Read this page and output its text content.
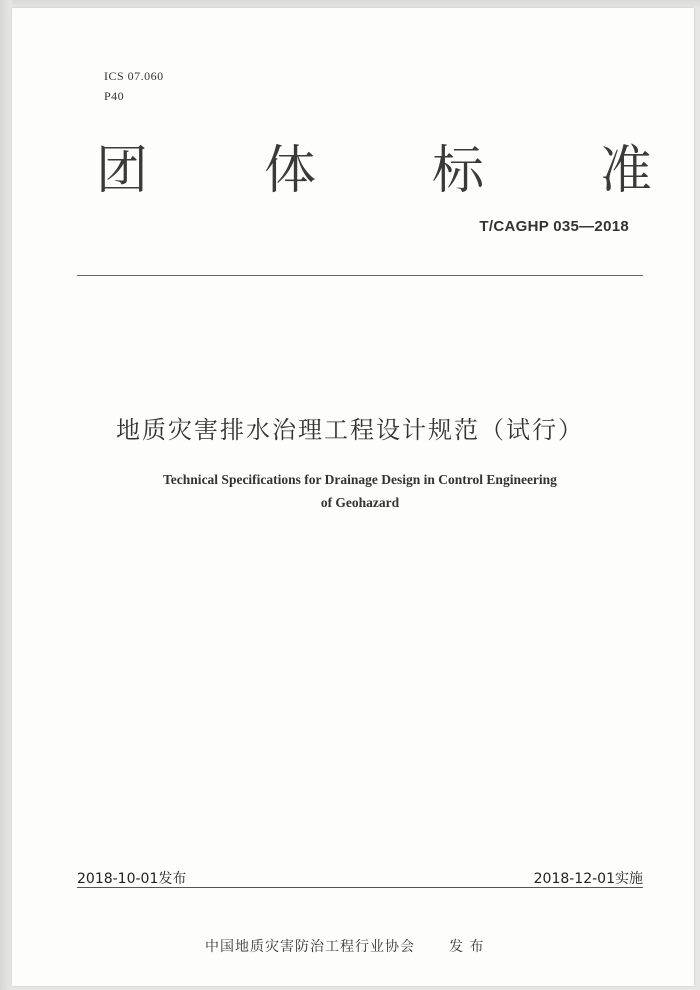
ICS 07.060
P40
团 体 标 准
T/CAGHP 035—2018
地质灾害排水治理工程设计规范（试行）
Technical Specifications for Drainage Design in Control Engineering
of Geohazard
2018-10-01发布	2018-12-01实施
中国地质灾害防治工程行业协会 发 布
